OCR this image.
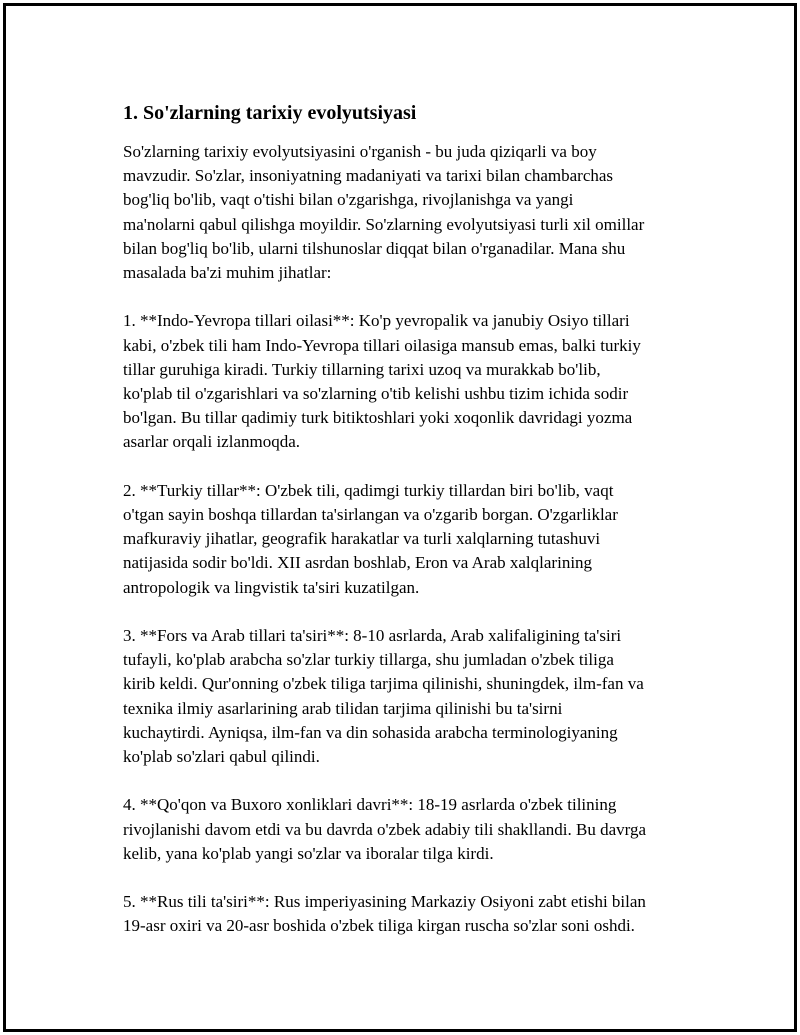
1. So'zlarning tarixiy evolyutsiyasi

So'zlarning tarixiy evolyutsiyasini o'rganish - bu juda qiziqarli va boy
mavzudir. So'zlar, insoniyatning madaniyati va tarixi bilan chambarchas
bog'liq bo'lib, vaqt o'tishi bilan o'zgarishga, rivojlanishga va yangi
ma'nolarni qabul qilishga moyildir. So'zlarning evolyutsiyasi turli xil omillar
bilan bog'liq bo'lib, ularni tilshunoslar diqqat bilan o'rganadilar. Mana shu
masalada ba'zi muhim jihatlar:

1. **Indo-Yevropa tillari oilasi**: Ko'p yevropalik va janubiy Osiyo tillari
kabi, o'zbek tili ham Indo-Yevropa tillari oilasiga mansub emas, balki turkiy
tillar guruhiga kiradi. Turkiy tillarning tarixi uzoq va murakkab bo'lib,
ko'plab til o'zgarishlari va so'zlarning o'tib kelishi ushbu tizim ichida sodir
bo'lgan. Bu tillar qadimiy turk bitiktoshlari yoki xoqonlik davridagi yozma
asarlar orqali izlanmoqda.

2. **Turkiy tillar**: O'zbek tili, qadimgi turkiy tillardan biri bo'lib, vaqt
o'tgan sayin boshqa tillardan ta'sirlangan va o'zgarib borgan. O'zgarliklar
mafkuraviy jihatlar, geografik harakatlar va turli xalqlarning tutashuvi
natijasida sodir bo'ldi. XII asrdan boshlab, Eron va Arab xalqlarining
antropologik va lingvistik ta'siri kuzatilgan.

3. **Fors va Arab tillari ta'siri**: 8-10 asrlarda, Arab xalifaligining ta'siri
tufayli, ko'plab arabcha so'zlar turkiy tillarga, shu jumladan o'zbek tiliga
kirib keldi. Qur'onning o'zbek tiliga tarjima qilinishi, shuningdek, ilm-fan va
texnika ilmiy asarlarining arab tilidan tarjima qilinishi bu ta'sirni
kuchaytirdi. Ayniqsa, ilm-fan va din sohasida arabcha terminologiyaning
ko'plab so'zlari qabul qilindi.

4. **Qo'qon va Buxoro xonliklari davri**: 18-19 asrlarda o'zbek tilining
rivojlanishi davom etdi va bu davrda o'zbek adabiy tili shakllandi. Bu davrga
kelib, yana ko'plab yangi so'zlar va iboralar tilga kirdi.

5. **Rus tili ta'siri**: Rus imperiyasining Markaziy Osiyoni zabt etishi bilan
19-asr oxiri va 20-asr boshida o'zbek tiliga kirgan ruscha so'zlar soni oshdi.
